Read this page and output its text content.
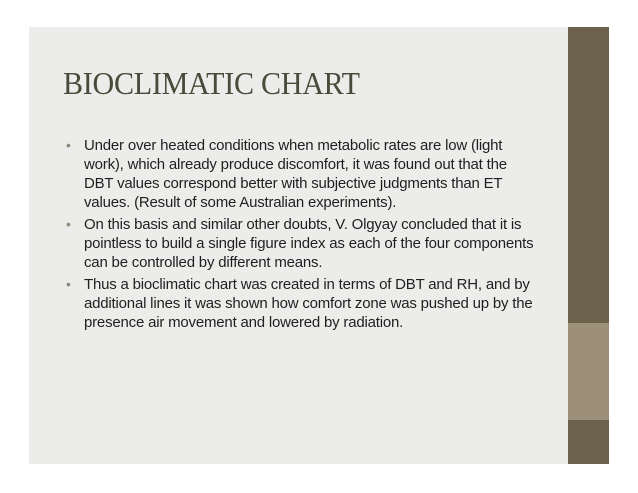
BIOCLIMATIC CHART
• Under over heated conditions when metabolic rates are low (light work), which already produce discomfort, it was found out that the DBT values correspond better with subjective judgments than ET values. (Result of some Australian experiments).
• On this basis and similar other doubts, V. Olgyay concluded that it is pointless to build a single figure index as each of the four components can be controlled by different means.
• Thus a bioclimatic chart was created in terms of DBT and RH, and by additional lines it was shown how comfort zone was pushed up by the presence air movement and lowered by radiation.
